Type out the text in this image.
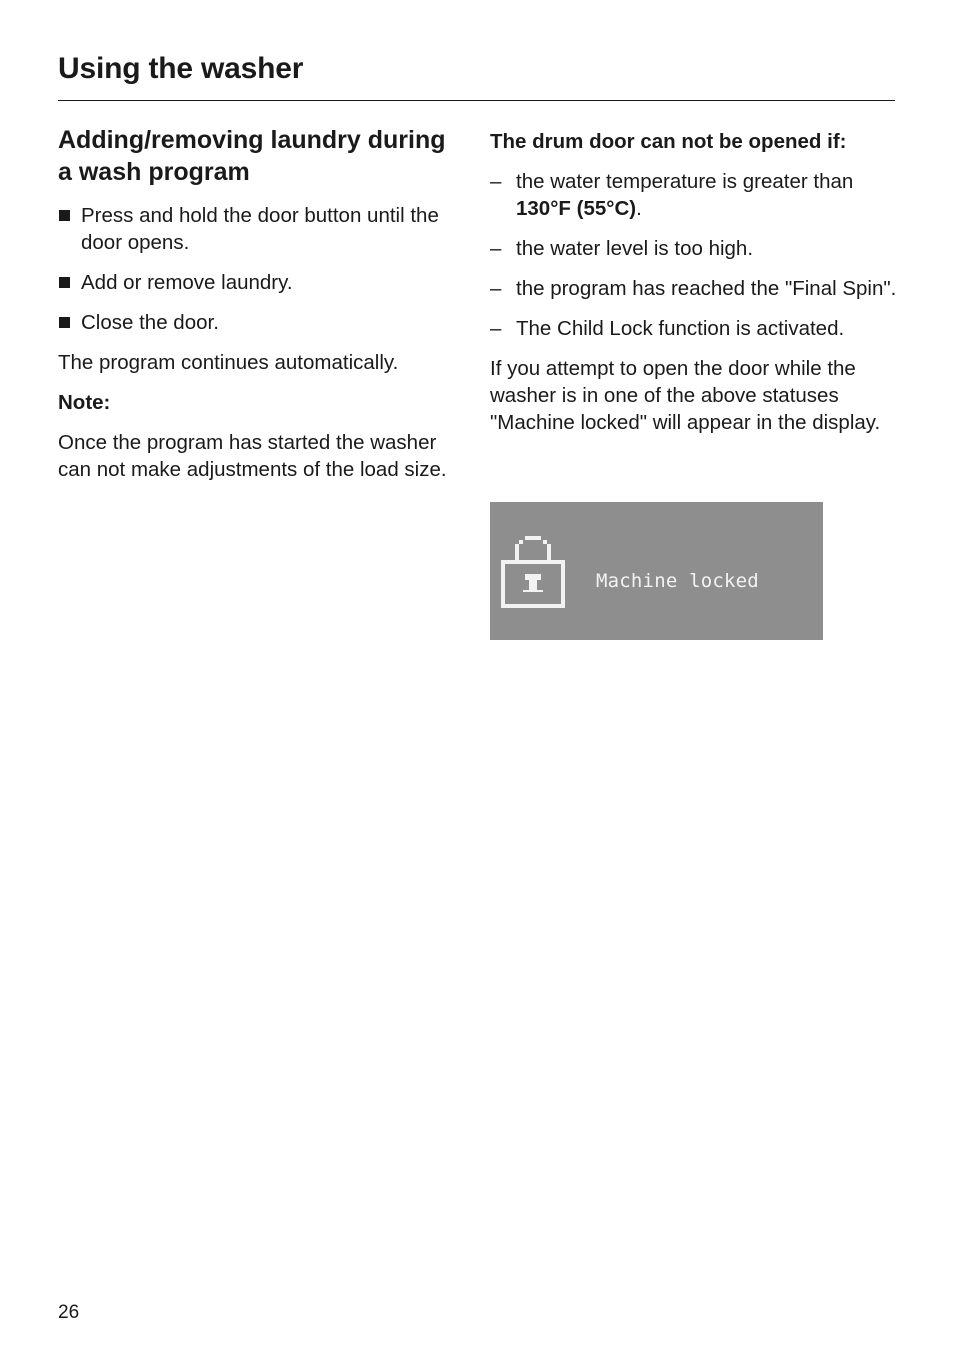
Using the washer
Adding/removing laundry during a wash program
Press and hold the door button until the door opens.
Add or remove laundry.
Close the door.

The program continues automatically.

Note:

Once the program has started the washer can not make adjustments of the load size.

The drum door can not be opened if:

– the water temperature is greater than 130°F (55°C).
– the water level is too high.
– the program has reached the "Final Spin".
– The Child Lock function is activated.

If you attempt to open the door while the washer is in one of the above statuses "Machine locked" will appear in the display.

Machine locked
26
